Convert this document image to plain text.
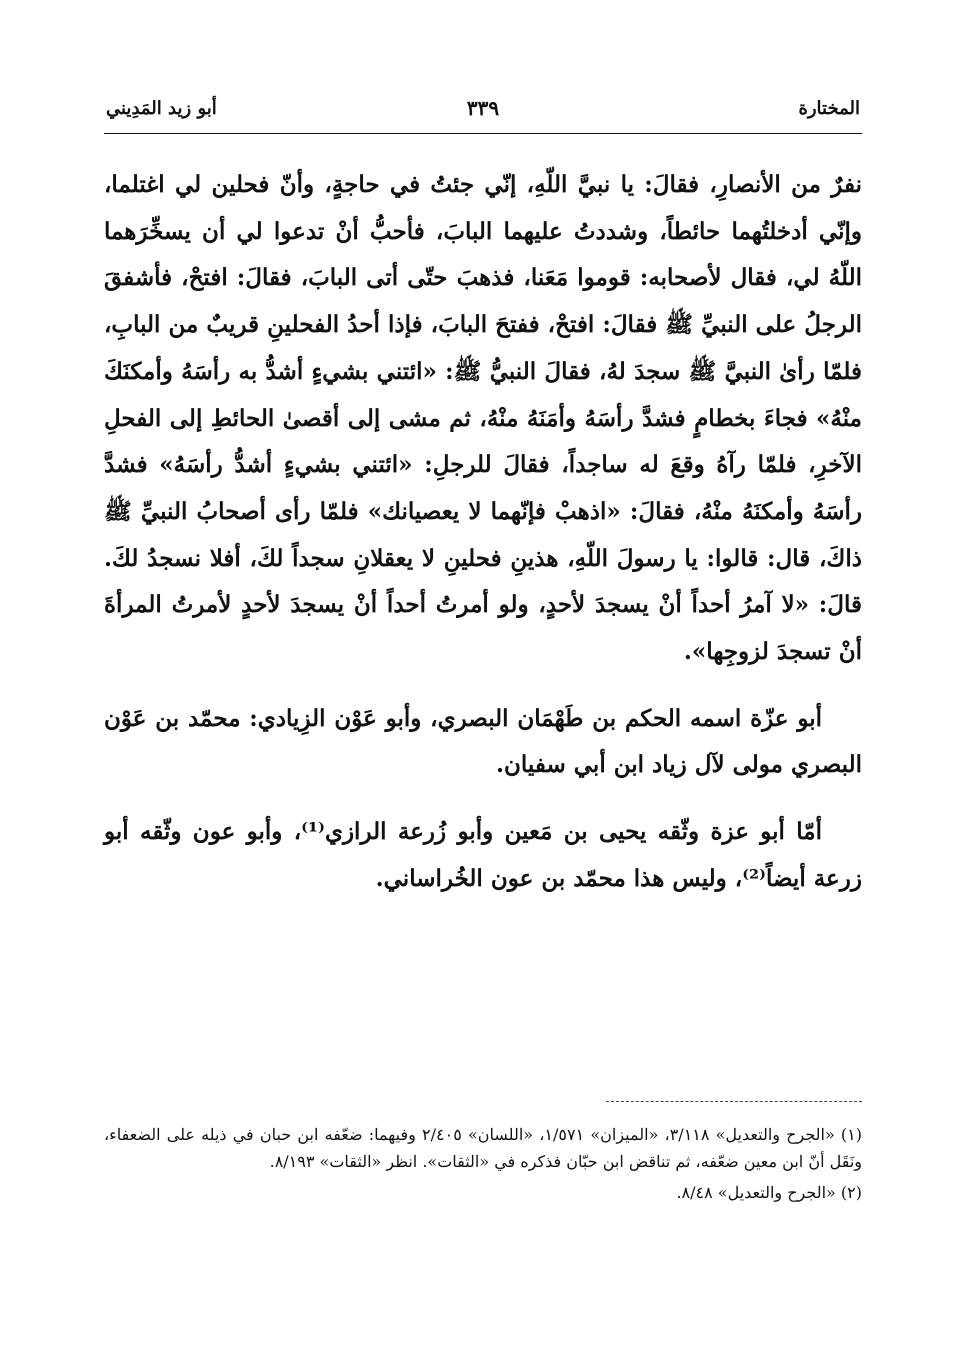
المختارة
٣٣٩
أبو زيد المَدِيني

نفرٌ من الأنصارِ، فقالَ: يا نبيَّ اللّهِ، إنّي جئتُ في حاجةٍ، وأنّ فحلين لي اغتلما، وإنّي أدخلتُهما حائطاً، وشددتُ عليهما البابَ، فأحبُّ أنْ تدعوا لي أن يسخِّرَهما اللّهُ لي، فقال لأصحابه: قوموا مَعَنا، فذهبَ حتّى أتى البابَ، فقالَ: افتحْ، فأشفقَ الرجلُ على النبيِّ ﷺ فقالَ: افتحْ، ففتحَ البابَ، فإذا أحدُ الفحلينِ قريبٌ من البابِ، فلمّا رأىٰ النبيَّ ﷺ سجدَ لهُ، فقالَ النبيُّ ﷺ: «ائتني بشيءٍ أشدُّ به رأسَهُ وأمكنَكَ منْهُ» فجاءَ بخطامٍ فشدَّ رأسَهُ وأمَنَهُ منْهُ، ثم مشى إلى أقصىٰ الحائطِ إلى الفحلِ الآخرِ، فلمّا رآهُ وقعَ له ساجداً، فقالَ للرجلِ: «ائتني بشيءٍ أشدُّ رأسَهُ» فشدَّ رأسَهُ وأمكنَهُ منْهُ، فقالَ: «اذهبْ فإنّهما لا يعصيانك» فلمّا رأى أصحابُ النبيِّ ﷺ ذاكَ، قال: قالوا: يا رسولَ اللّهِ، هذينِ فحلينِ لا يعقلانِ سجداً لكَ، أفلا نسجدُ لكَ. قالَ: «لا آمرُ أحداً أنْ يسجدَ لأحدٍ، ولو أمرتُ أحداً أنْ يسجدَ لأحدٍ لأمرتُ المرأةَ أنْ تسجدَ لزوجِها».

أبو عزّة اسمه الحكم بن طَهْمَان البصري، وأبو عَوْن الزِيادي: محمّد بن عَوْن البصري مولى لآل زياد ابن أبي سفيان.

أمّا أبو عزة وثّقه يحيى بن مَعين وأبو زُرعة الرازي⁽¹⁾، وأبو عون وثّقه أبو زرعة أيضاً⁽²⁾، وليس هذا محمّد بن عون الخُراساني.

(١) «الجرح والتعديل» ٣/١١٨، «الميزان» ١/٥٧١، «اللسان» ٢/٤٠٥ وفيهما: ضعّفه ابن حبان في ذيله على الضعفاء، ونَقَل أنّ ابن معين ضعّفه، ثم تناقض ابن حبّان فذكره في «الثقات». انظر «الثقات» ٨/١٩٣.

(٢) «الجرح والتعديل» ٨/٤٨.
